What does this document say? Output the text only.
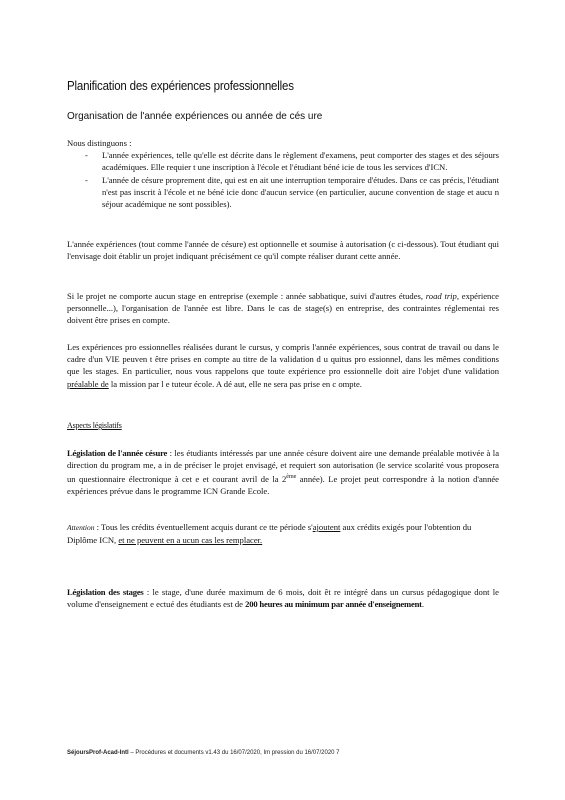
Planification des expériences professionnelles
Organisation de l'année expériences ou année de cés ure
Nous distinguons :
- L'année expériences, telle qu'elle est décrite dans le règlement d'examens, peut comporter des stages et des séjours académiques. Elle requier t une inscription à l'école et l'étudiant béné icie de tous les services d'ICN.
- L'année de césure proprement dite, qui est en ait une interruption temporaire d'études. Dans ce cas précis, l'étudiant n'est pas inscrit à l'école et ne béné icie donc d'aucun service (en particulier, aucune convention de stage et aucu n séjour académique ne sont possibles).
L'année expériences (tout comme l'année de césure) est optionnelle et soumise à autorisation (c ci-dessous). Tout étudiant qui l'envisage doit établir un projet indiquant précisément ce qu'il compte réaliser durant cette année.
Si le projet ne comporte aucun stage en entreprise (exemple : année sabbatique, suivi d'autres études, road trip, expérience personnelle...), l'organisation de l'année est libre. Dans le cas de stage(s) en entreprise, des contraintes réglementai res doivent être prises en compte.
Les expériences pro essionnelles réalisées durant le cursus, y compris l'année expériences, sous contrat de travail ou dans le cadre d'un VIE peuven t être prises en compte au titre de la validation d u quitus pro essionnel, dans les mêmes conditions que les stages. En particulier, nous vous rappelons que toute expérience pro essionnelle doit aire l'objet d'une validation préalable de la mission par l e tuteur école. A dé aut, elle ne sera pas prise en c ompte.
Aspects législatifs
Législation de l'année césure : les étudiants intéressés par une année césure doivent aire une demande préalable motivée à la direction du program me, a in de préciser le projet envisagé, et requiert son autorisation (le service scolarité vous proposera un questionnaire électronique à cet e et courant avril de la 2ème année). Le projet peut correspondre à la notion d'année expériences prévue dans le programme ICN Grande Ecole.
Attention : Tous les crédits éventuellement acquis durant ce tte période s'ajoutent aux crédits exigés pour l'obtention du Diplôme ICN, et ne peuvent en a ucun cas les remplacer.
Législation des stages : le stage, d'une durée maximum de 6 mois, doit êt re intégré dans un cursus pédagogique dont le volume d'enseignement e ectué des étudiants est de 200 heures au minimum par année d'enseignement.
SéjoursProf-Acad-Intl – Procédures et documents v1.43 du 16/07/2020, Im pression du 16/07/2020 7
